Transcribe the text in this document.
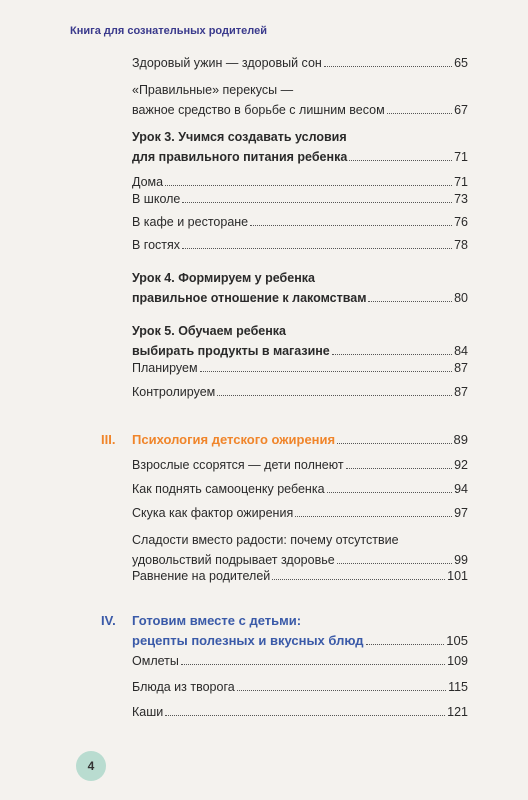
Книга для сознательных родителей
Здоровый ужин — здоровый сон	65
«Правильные» перекусы —
важное средство в борьбе с лишним весом	67
Урок 3. Учимся создавать условия
для правильного питания ребенка	71
Дома	71
В школе	73
В кафе и ресторане	76
В гостях	78
Урок 4. Формируем у ребенка
правильное отношение к лакомствам	80
Урок 5. Обучаем ребенка
выбирать продукты в магазине	84
Планируем	87
Контролируем	87
III. Психология детского ожирения	89
Взрослые ссорятся — дети полнеют	92
Как поднять самооценку ребенка	94
Скука как фактор ожирения	97
Сладости вместо радости: почему отсутствие
удовольствий подрывает здоровье	99
Равнение на родителей	101
IV. Готовим вместе с детьми:
рецепты полезных и вкусных блюд	105
Омлеты	109
Блюда из творога	115
Каши	121
4
